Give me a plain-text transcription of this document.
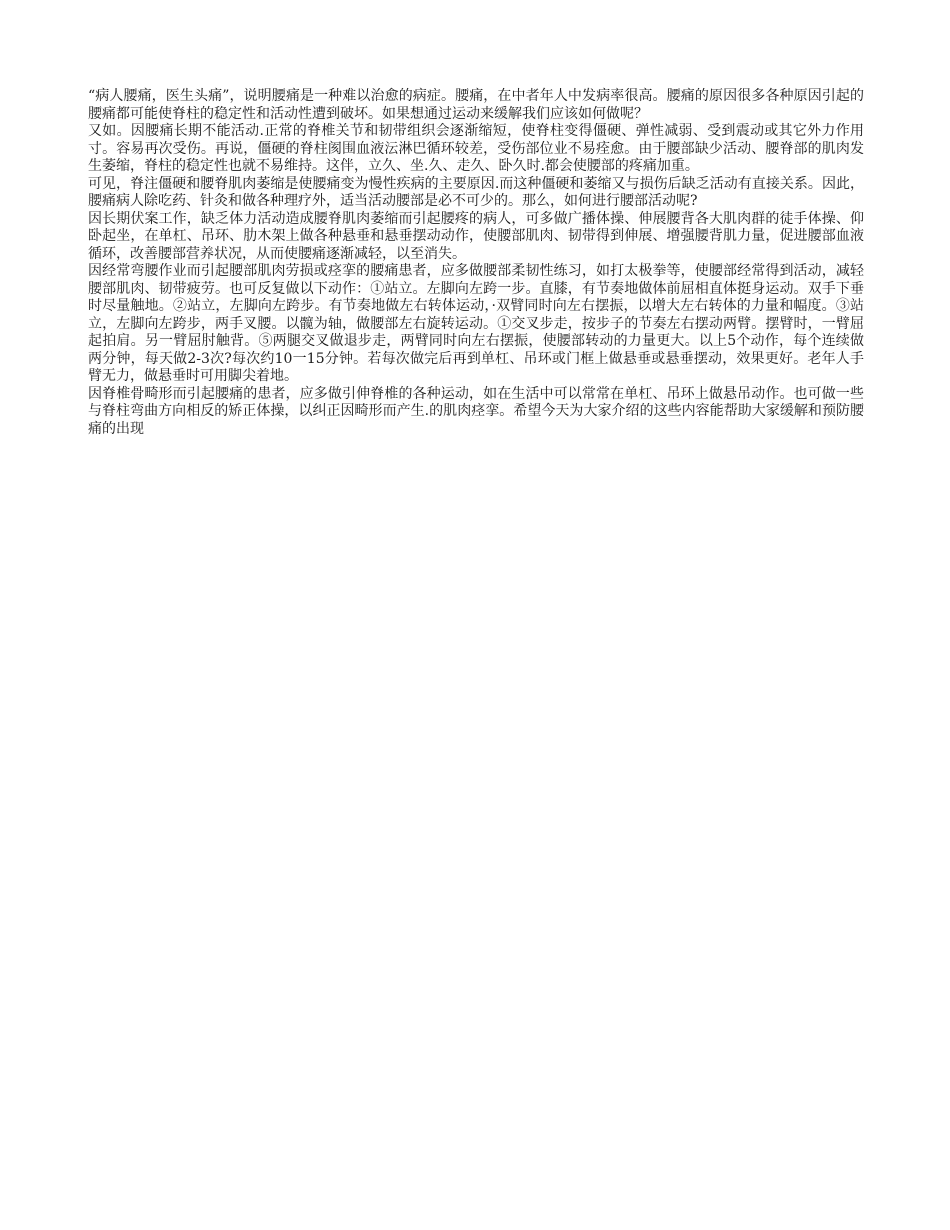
“病人腰痛，医生头痛”，说明腰痛是一种难以治愈的病症。腰痛，在中者年人中发病率很高。腰痛的原因很多各种原因引起的腰痛都可能使脊柱的稳定性和活动性遭到破坏。如果想通过运动来缓解我们应该如何做呢？

又如。因腰痛长期不能活动.正常的脊椎关节和韧带组织会逐渐缩短，使脊柱变得僵硬、弹性减弱、受到震动或其它外力作用寸。容易再次受伤。再说，僵硬的脊柱阂围血液沄淋巴循环较差，受伤部位业不易痊愈。由于腰部缺少活动、腰脊部的肌肉发生萎缩，脊柱的稳定性也就不易维持。这伴，立久、坐.久、走久、卧久时.都会使腰部的疼痛加重。

可见，脊注僵硬和腰脊肌肉萎缩是使腰痛变为慢性疾病的主要原因.而这种僵硬和萎缩又与损伤后缺乏活动有直接关系。因此，腰痛病人除吃药、针灸和做各种理疗外，适当活动腰部是必不可少的。那么，如何进行腰部活动呢?

因长期伏案工作，缺乏体力活动造成腰脊肌肉萎缩而引起腰疼的病人，可多做广播体操、伸展腰背各大肌肉群的徒手体操、仰卧起坐，在单杠、吊环、肋木架上做各种悬垂和悬垂摆动动作，使腰部肌肉、韧带得到伸展、增强腰背肌力量，促进腰部血液循环，改善腰部营养状况，从而使腰痛逐渐减轻，以至消失。

因经常弯腰作业而引起腰部肌肉劳损或痉挛的腰痛患者，应多做腰部柔韧性练习，如打太极拳等，使腰部经常得到活动，减轻腰部肌肉、韧带疲劳。也可反复做以下动作：①站立。左脚向左跨一步。直膝，有节奏地做体前屈相直体挺身运动。双手下垂时尽量触地。②站立，左脚向左跨步。有节奏地做左右转体运动，·双臂同时向左右摆振，以增大左右转体的力量和幅度。③站立，左脚向左跨步，两手叉腰。以髋为轴，做腰部左右旋转运动。①交叉步走，按步子的节奏左右摆动两臂。摆臂时，一臂屈起拍肩。另一臂屈肘触背。⑤两腿交叉做退步走，两臂同时向左右摆振，使腰部转动的力量更大。以上5个动作，每个连续做两分钟，每天做2-3次?每次约10一15分钟。若每次做完后再到单杠、吊环或门框上做悬垂或悬垂摆动，效果更好。老年人手臂无力，做悬垂时可用脚尖着地。

因脊椎骨畸形而引起腰痛的患者，应多做引伸脊椎的各种运动，如在生活中可以常常在单杠、吊环上做悬吊动作。也可做一些与脊柱弯曲方向相反的矫正体操，以纠正因畸形而产生.的肌肉痉挛。希望今天为大家介绍的这些内容能帮助大家缓解和预防腰痛的出现
